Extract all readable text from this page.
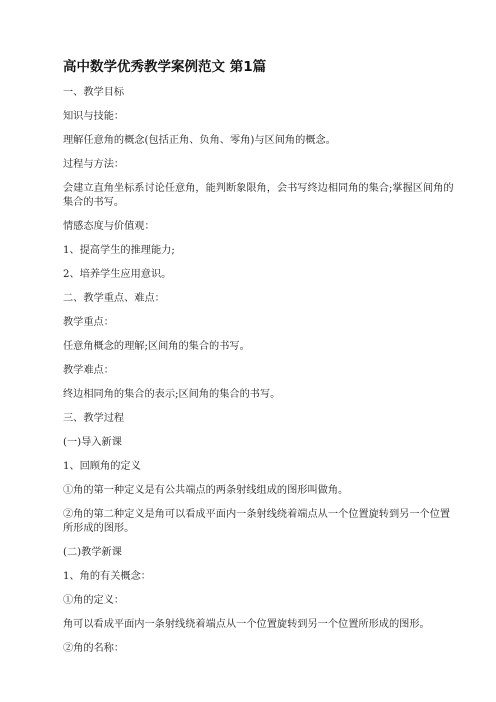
高中数学优秀教学案例范文 第1篇

一、教学目标

知识与技能：

理解任意角的概念(包括正角、负角、零角)与区间角的概念。

过程与方法：

会建立直角坐标系讨论任意角，能判断象限角，会书写终边相同角的集合;掌握区间角的集合的书写。

情感态度与价值观：

1、提高学生的推理能力;

2、培养学生应用意识。

二、教学重点、难点：

教学重点：

任意角概念的理解;区间角的集合的书写。

教学难点：

终边相同角的集合的表示;区间角的集合的书写。

三、教学过程

(一)导入新课

1、回顾角的定义

①角的第一种定义是有公共端点的两条射线组成的图形叫做角。

②角的第二种定义是角可以看成平面内一条射线绕着端点从一个位置旋转到另一个位置所形成的图形。

(二)教学新课

1、角的有关概念：

①角的定义：

角可以看成平面内一条射线绕着端点从一个位置旋转到另一个位置所形成的图形。

②角的名称：
